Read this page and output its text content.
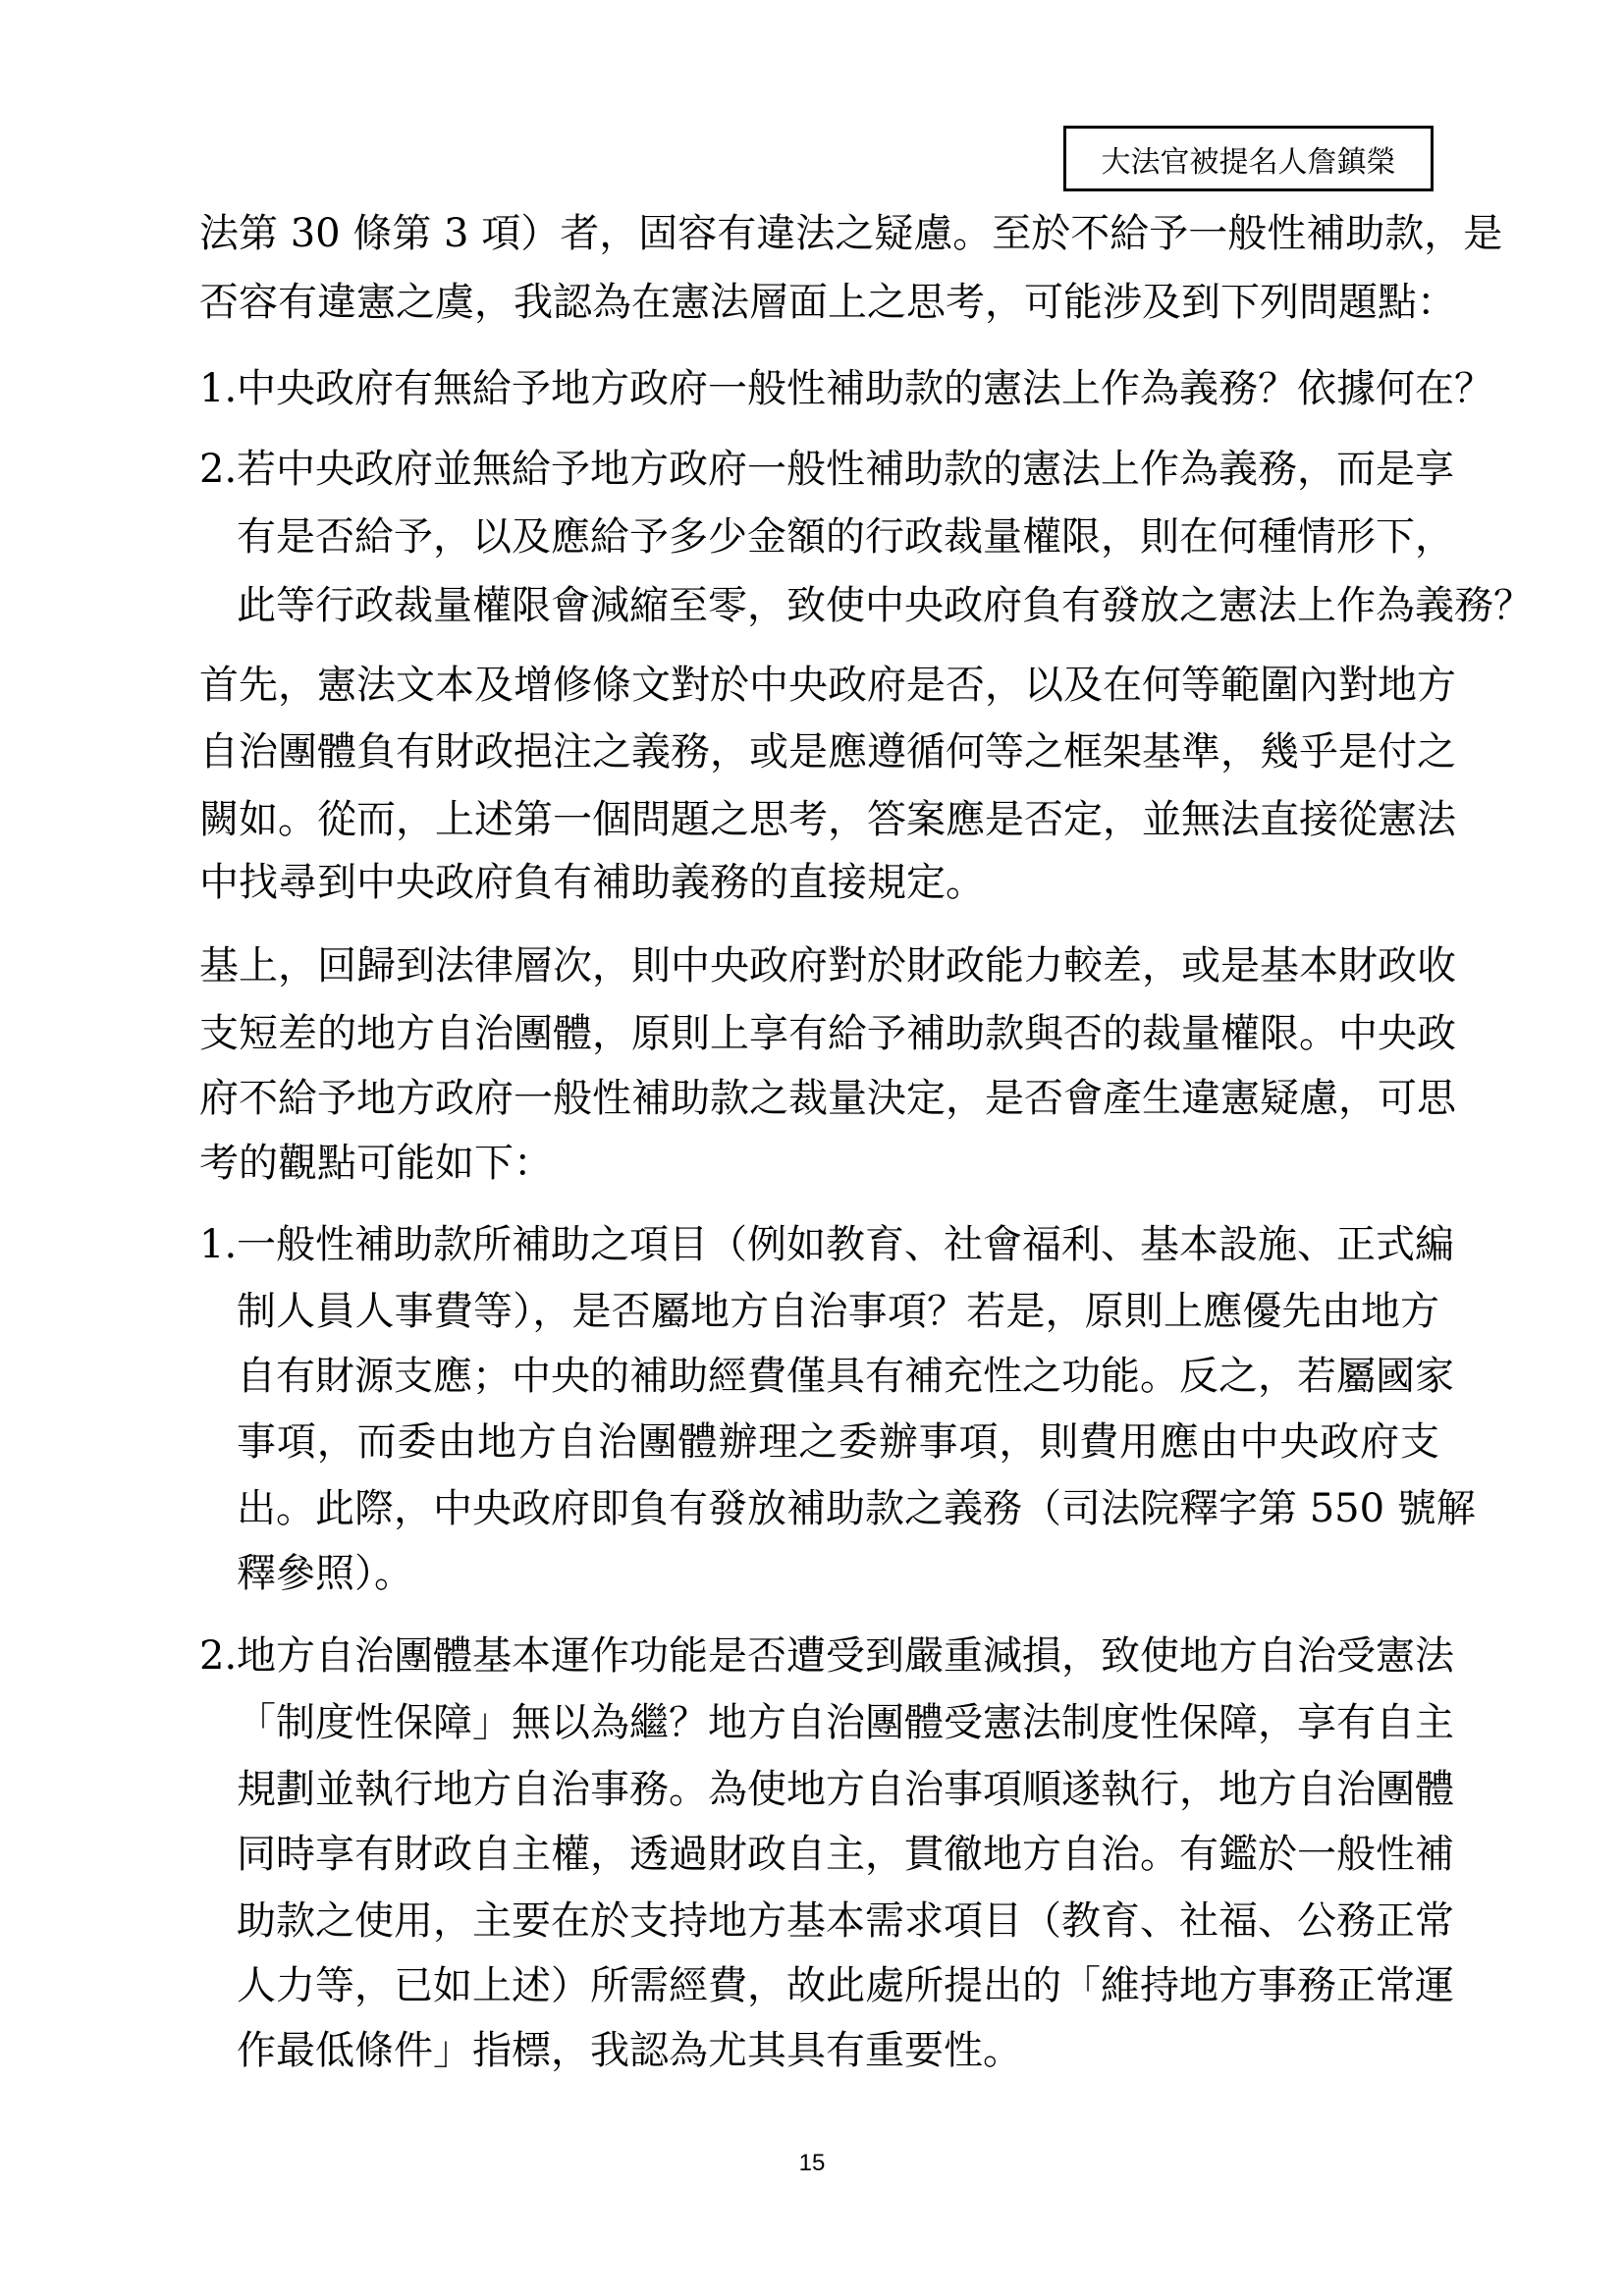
大法官被提名人詹鎮榮
法第 30 條第 3 項）者，固容有違法之疑慮。至於不給予一般性補助款，是
否容有違憲之虞，我認為在憲法層面上之思考，可能涉及到下列問題點：
1. 中央政府有無給予地方政府一般性補助款的憲法上作為義務？依據何在？
2. 若中央政府並無給予地方政府一般性補助款的憲法上作為義務，而是享
有是否給予，以及應給予多少金額的行政裁量權限，則在何種情形下，
此等行政裁量權限會減縮至零，致使中央政府負有發放之憲法上作為義務？
首先，憲法文本及增修條文對於中央政府是否，以及在何等範圍內對地方
自治團體負有財政挹注之義務，或是應遵循何等之框架基準，幾乎是付之
闕如。從而，上述第一個問題之思考，答案應是否定，並無法直接從憲法
中找尋到中央政府負有補助義務的直接規定。
基上，回歸到法律層次，則中央政府對於財政能力較差，或是基本財政收
支短差的地方自治團體，原則上享有給予補助款與否的裁量權限。中央政
府不給予地方政府一般性補助款之裁量決定，是否會產生違憲疑慮，可思
考的觀點可能如下：
1. 一般性補助款所補助之項目（例如教育、社會福利、基本設施、正式編
制人員人事費等），是否屬地方自治事項？若是，原則上應優先由地方
自有財源支應；中央的補助經費僅具有補充性之功能。反之，若屬國家
事項，而委由地方自治團體辦理之委辦事項，則費用應由中央政府支
出。此際，中央政府即負有發放補助款之義務（司法院釋字第 550 號解
釋參照）。
2. 地方自治團體基本運作功能是否遭受到嚴重減損，致使地方自治受憲法
「制度性保障」無以為繼？地方自治團體受憲法制度性保障，享有自主
規劃並執行地方自治事務。為使地方自治事項順遂執行，地方自治團體
同時享有財政自主權，透過財政自主，貫徹地方自治。有鑑於一般性補
助款之使用，主要在於支持地方基本需求項目（教育、社福、公務正常
人力等，已如上述）所需經費，故此處所提出的「維持地方事務正常運
作最低條件」指標，我認為尤其具有重要性。
15
